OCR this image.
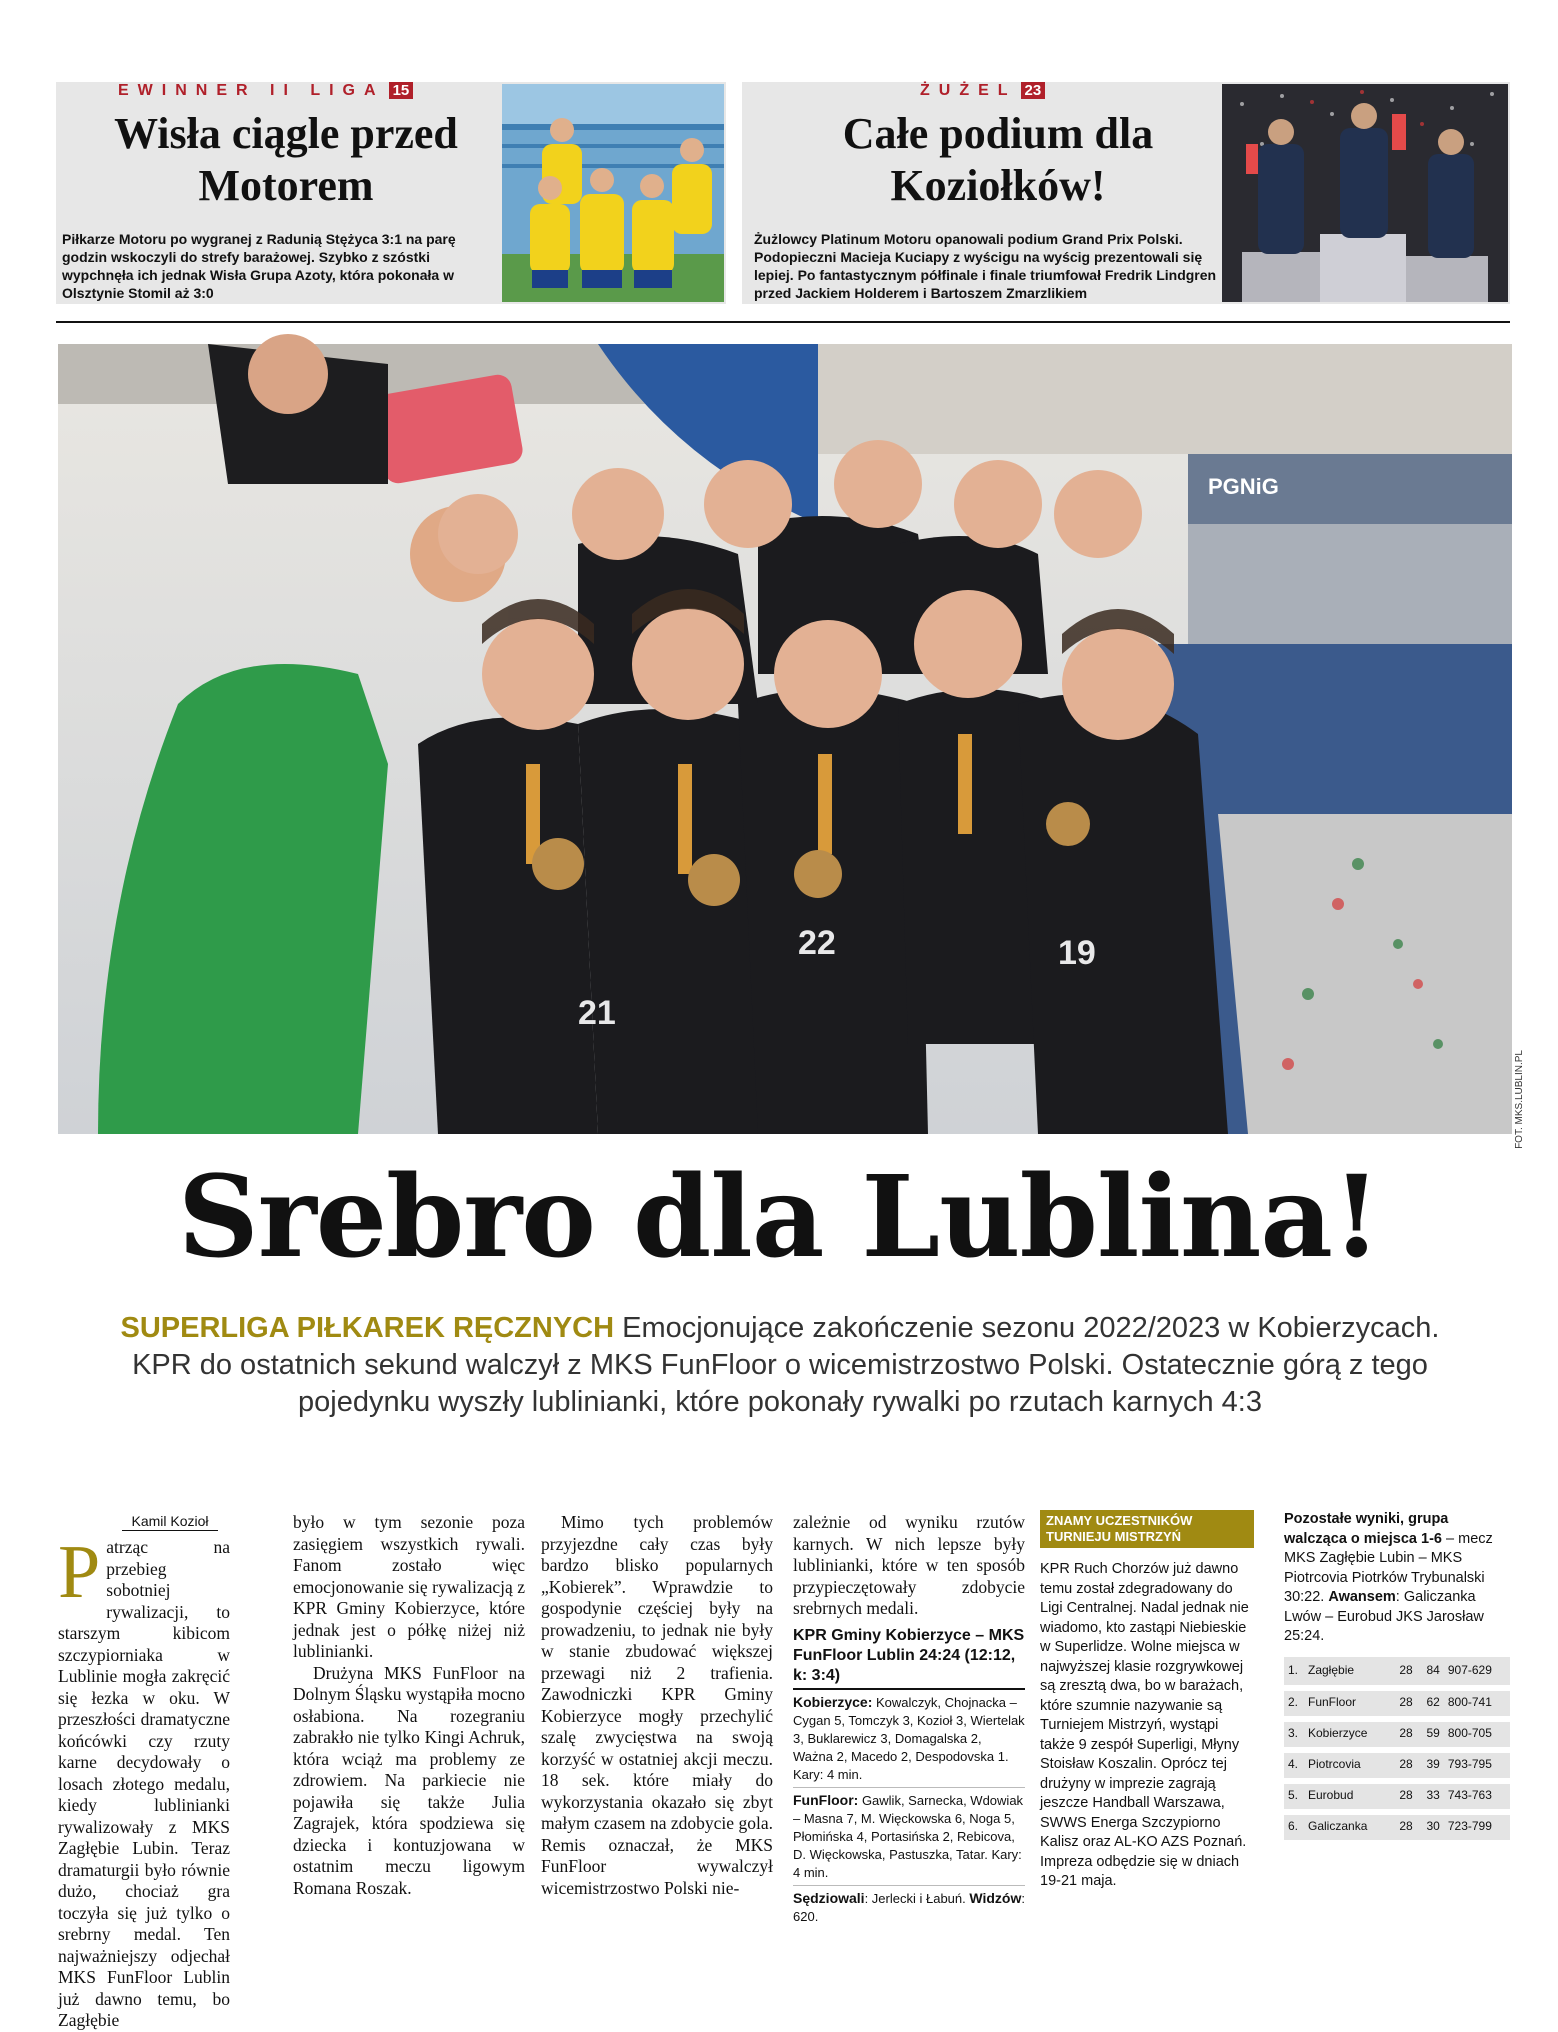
EWINNER II LIGA 15
Wisła ciągle przed Motorem

Piłkarze Motoru po wygranej z Radunią Stężyca 3:1 na parę godzin wskoczyli do strefy barażowej. Szybko z szóstki wypchnęła ich jednak Wisła Grupa Azoty, która pokonała w Olsztynie Stomil aż 3:0

ŻUŻEL 23
Całe podium dla Koziołków!

Żużlowcy Platinum Motoru opanowali podium Grand Prix Polski. Podopieczni Macieja Kuciapy z wyścigu na wyścig prezentowali się lepiej. Po fantastycznym półfinale i finale triumfował Fredrik Lindgren przed Jackiem Holderem i Bartoszem Zmarzlikiem

PGNiG
21
22	19
FOT. MKS.LUBLIN.PL
Srebro dla Lublina!
SUPERLIGA PIŁKAREK RĘCZNYCH Emocjonujące zakończenie sezonu 2022/2023 w Kobierzycach. KPR do ostatnich sekund walczył z MKS FunFloor o wicemistrzostwo Polski. Ostatecznie górą z tego pojedynku wyszły lublinianki, które pokonały rywalki po rzutach karnych 4:3
Kamil Kozioł
P atrząc na przebieg sobotniej rywalizacji, to starszym kibicom szczypiorniaka w Lublinie mogła zakręcić się łezka w oku. W przeszłości dramatyczne końcówki czy rzuty karne decydowały o losach złotego medalu, kiedy lublinianki rywalizowały z MKS Zagłębie Lubin. Teraz dramaturgii było równie dużo, chociaż gra toczyła się już tylko o srebrny medal. Ten najważniejszy odjechał MKS FunFloor Lublin już dawno temu, bo Zagłębie

było w tym sezonie poza zasięgiem wszystkich rywali. Fanom zostało więc emocjonowanie się rywalizacją z KPR Gminy Kobierzyce, które jednak jest o półkę niżej niż lublinianki.

Drużyna MKS FunFloor na Dolnym Śląsku wystąpiła mocno osłabiona. Na rozegraniu zabrakło nie tylko Kingi Achruk, która wciąż ma problemy ze zdrowiem. Na parkiecie nie pojawiła się także Julia Zagrajek, która spodziewa się dziecka i kontuzjowana w ostatnim meczu ligowym Romana Roszak.

Mimo tych problemów przyjezdne cały czas były bardzo blisko popularnych „Kobierek”. Wprawdzie to gospodynie częściej były na prowadzeniu, to jednak nie były w stanie zbudować większej przewagi niż 2 trafienia. Zawodniczki KPR Gminy Kobierzyce mogły przechylić szalę zwycięstwa na swoją korzyść w ostatniej akcji meczu. 18 sek. które miały do wykorzystania okazało się zbyt małym czasem na zdobycie gola. Remis oznaczał, że MKS FunFloor wywalczył wicemistrzostwo Polski nie-

zależnie od wyniku rzutów karnych. W nich lepsze były lublinianki, które w ten sposób przypieczętowały zdobycie srebrnych medali.

KPR Gminy Kobierzyce – MKS FunFloor Lublin 24:24 (12:12, k: 3:4)
Kobierzyce: Kowalczyk, Chojnacka – Cygan 5, Tomczyk 3, Kozioł 3, Wiertelak 3, Buklarewicz 3, Domagalska 2, Ważna 2, Macedo 2, Despodovska 1. Kary: 4 min.
FunFloor: Gawlik, Sarnecka, Wdowiak – Masna 7, M. Więckowska 6, Noga 5, Płomińska 4, Portasińska 2, Rebicova, D. Więckowska, Pastuszka, Tatar. Kary: 4 min.
Sędziowali: Jerlecki i Łabuń. Widzów: 620.
ZNAMY UCZESTNIKÓW TURNIEJU MISTRZYŃ

KPR Ruch Chorzów już dawno temu został zdegradowany do Ligi Centralnej. Nadal jednak nie wiadomo, kto zastąpi Niebieskie w Superlidze. Wolne miejsca w najwyższej klasie rozgrywkowej są zresztą dwa, bo w barażach, które szumnie nazywanie są Turniejem Mistrzyń, wystąpi także 9 zespół Superligi, Młyny Stoisław Koszalin. Oprócz tej drużyny w imprezie zagrają jeszcze Handball Warszawa, SWWS Energa Szczypiorno Kalisz oraz AL-KO AZS Poznań. Impreza odbędzie się w dniach 19-21 maja.

Pozostałe wyniki, grupa walcząca o miejsca 1-6 – mecz MKS Zagłębie Lubin – MKS Piotrcovia Piotrków Trybunalski 30:22. Awansem: Galiczanka Lwów – Eurobud JKS Jarosław 25:24.

1.	Zagłębie	28	84	907-629
2.	FunFloor	28	62	800-741
3.	Kobierzyce	28	59	800-705
4.	Piotrcovia	28	39	793-795
5.	Eurobud	28	33	743-763
6.	Galiczanka	28	30	723-799
